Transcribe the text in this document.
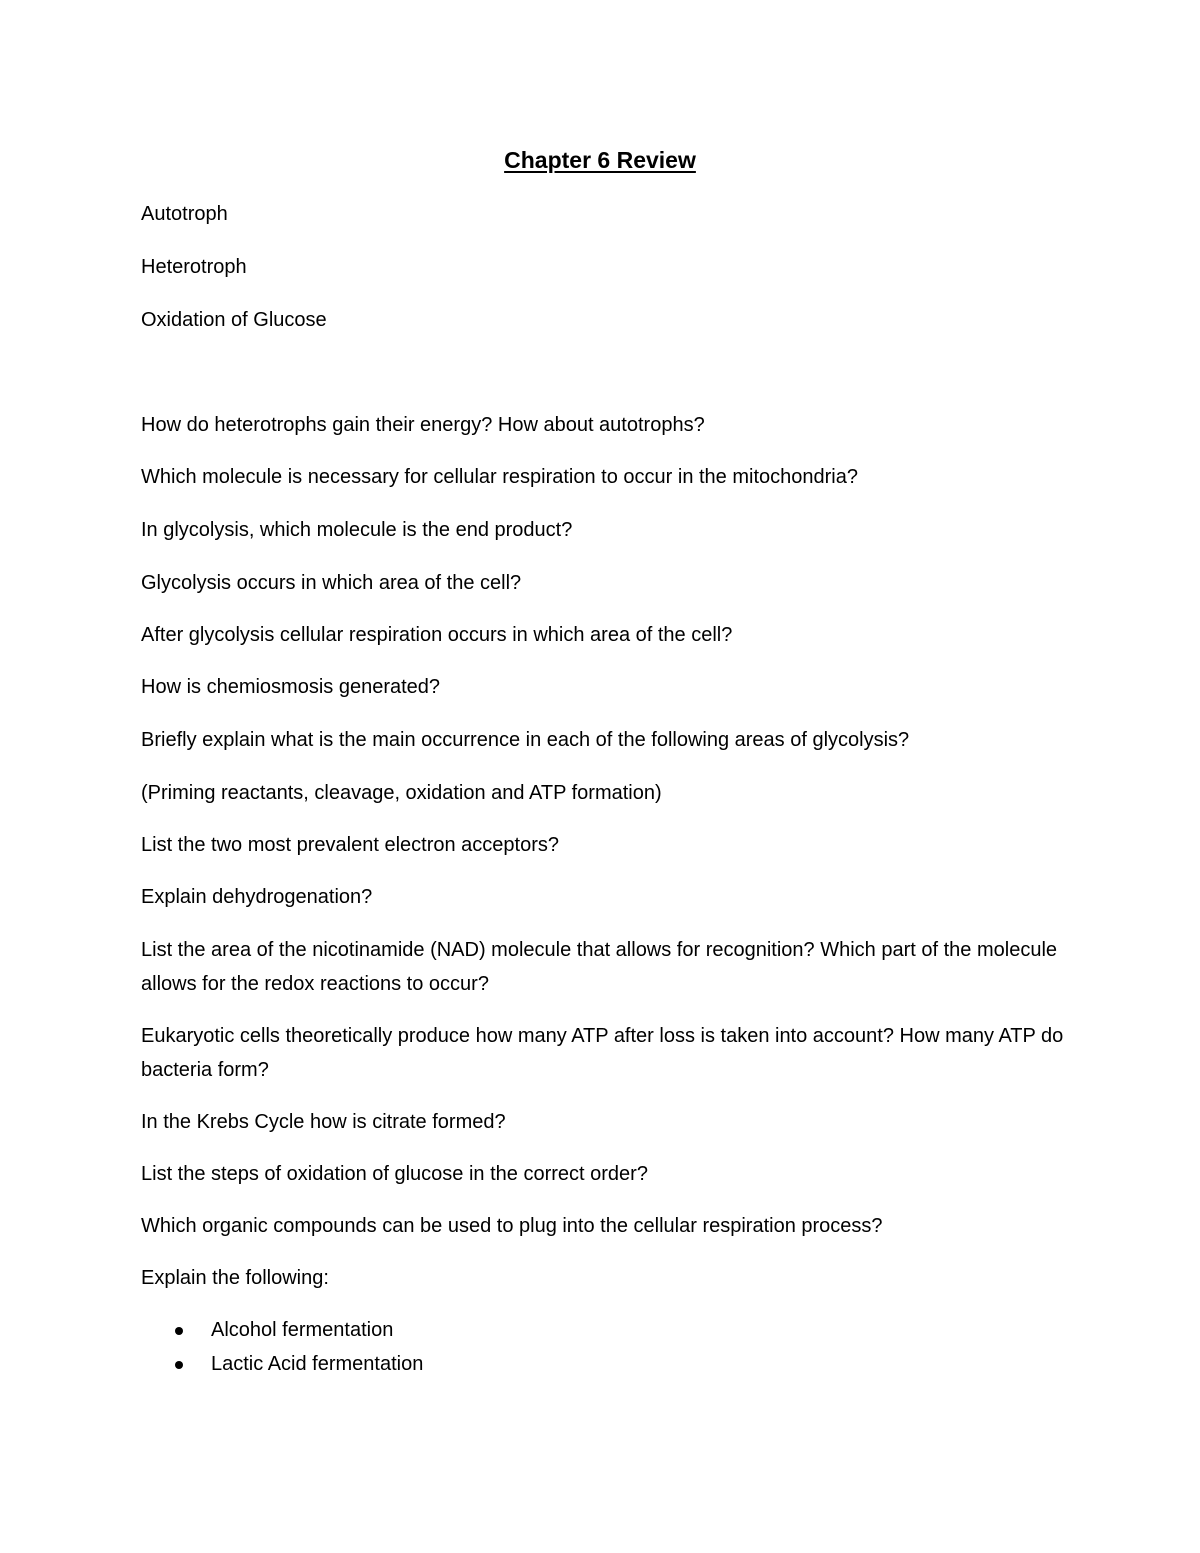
Chapter 6 Review

Autotroph

Heterotroph

Oxidation of Glucose

How do heterotrophs gain their energy? How about autotrophs?

Which molecule is necessary for cellular respiration to occur in the mitochondria?

In glycolysis, which molecule is the end product?

Glycolysis occurs in which area of the cell?

After glycolysis cellular respiration occurs in which area of the cell?

How is chemiosmosis generated?

Briefly explain what is the main occurrence in each of the following areas of glycolysis?

(Priming reactants, cleavage, oxidation and ATP formation)

List the two most prevalent electron acceptors?

Explain dehydrogenation?

List the area of the nicotinamide (NAD) molecule that allows for recognition? Which part of the molecule allows for the redox reactions to occur?

Eukaryotic cells theoretically produce how many ATP after loss is taken into account? How many ATP do bacteria form?

In the Krebs Cycle how is citrate formed?

List the steps of oxidation of glucose in the correct order?

Which organic compounds can be used to plug into the cellular respiration process?

Explain the following:

Alcohol fermentation
Lactic Acid fermentation
